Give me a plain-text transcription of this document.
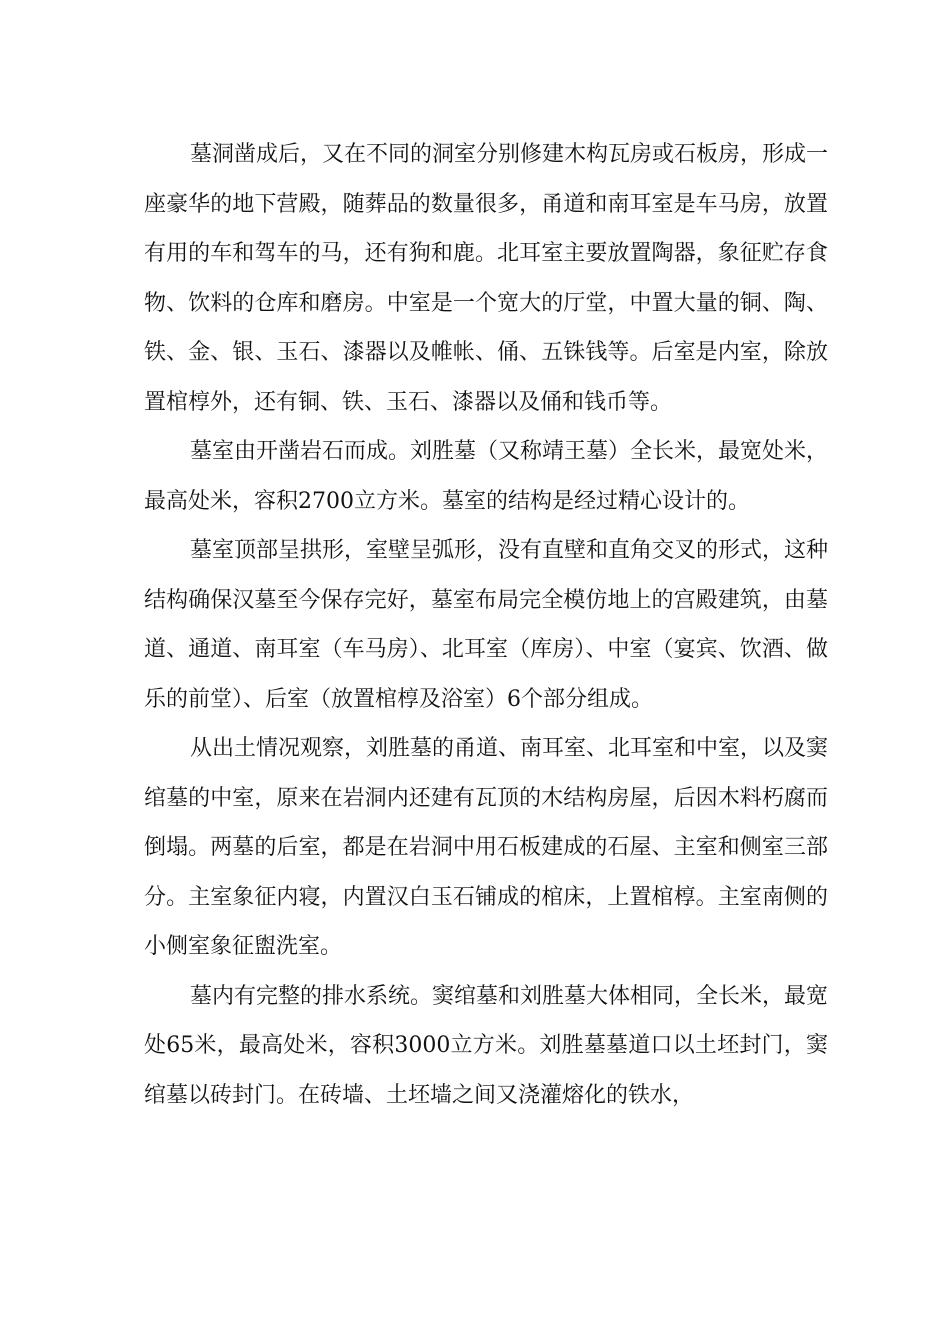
墓洞凿成后，又在不同的洞室分别修建木构瓦房或石板房，形成一座豪华的地下营殿，随葬品的数量很多，甬道和南耳室是车马房，放置有用的车和驾车的马，还有狗和鹿。北耳室主要放置陶器，象征贮存食物、饮料的仓库和磨房。中室是一个宽大的厅堂，中置大量的铜、陶、铁、金、银、玉石、漆器以及帷帐、俑、五铢钱等。后室是内室，除放置棺椁外，还有铜、铁、玉石、漆器以及俑和钱币等。

墓室由开凿岩石而成。刘胜墓（又称靖王墓）全长米，最宽处米，最高处米，容积2700立方米。墓室的结构是经过精心设计的。

墓室顶部呈拱形，室壁呈弧形，没有直壁和直角交叉的形式，这种结构确保汉墓至今保存完好，墓室布局完全模仿地上的宫殿建筑，由墓道、通道、南耳室（车马房）、北耳室（库房）、中室（宴宾、饮酒、做乐的前堂）、后室（放置棺椁及浴室）6个部分组成。

从出土情况观察，刘胜墓的甬道、南耳室、北耳室和中室，以及窦绾墓的中室，原来在岩洞内还建有瓦顶的木结构房屋，后因木料朽腐而倒塌。两墓的后室，都是在岩洞中用石板建成的石屋、主室和侧室三部分。主室象征内寝，内置汉白玉石铺成的棺床，上置棺椁。主室南侧的小侧室象征盥洗室。

墓内有完整的排水系统。窦绾墓和刘胜墓大体相同，全长米，最宽处65米，最高处米，容积3000立方米。刘胜墓墓道口以土坯封门，窦绾墓以砖封门。在砖墙、土坯墙之间又浇灌熔化的铁水，
